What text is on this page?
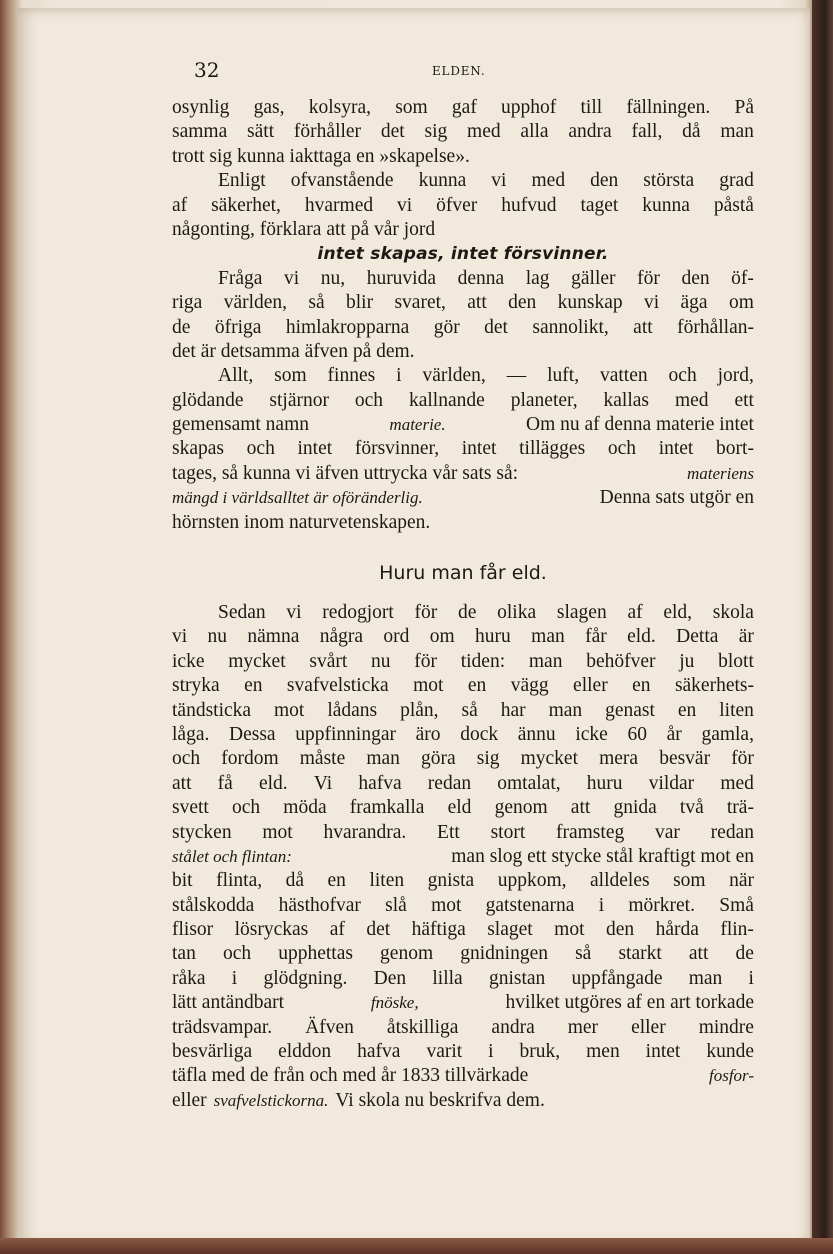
32	ELDEN.
osynlig gas, kolsyra, som gaf upphof till fällningen. På
samma sätt förhåller det sig med alla andra fall, då man
trott sig kunna iakttaga en »skapelse».
Enligt ofvanstående kunna vi med den största grad
af säkerhet, hvarmed vi öfver hufvud taget kunna påstå
någonting, förklara att på vår jord
intet skapas, intet försvinner.
Fråga vi nu, huruvida denna lag gäller för den öf-
riga världen, så blir svaret, att den kunskap vi äga om
de öfriga himlakropparna gör det sannolikt, att förhållan-
det är detsamma äfven på dem.
Allt, som finnes i världen, — luft, vatten och jord,
glödande stjärnor och kallnande planeter, kallas med ett
gemensamt namn	materie.	Om nu af denna materie intet
skapas och intet försvinner, intet tillägges och intet bort-
tages, så kunna vi äfven uttrycka vår sats så:	materiens
mängd i världsalltet är oföränderlig.	Denna sats utgör en
hörnsten inom naturvetenskapen.
Huru man får eld.
Sedan vi redogjort för de olika slagen af eld, skola
vi nu nämna några ord om huru man får eld. Detta är
icke mycket svårt nu för tiden: man behöfver ju blott
stryka en svafvelsticka mot en vägg eller en säkerhets-
tändsticka mot lådans plån, så har man genast en liten
låga. Dessa uppfinningar äro dock ännu icke 60 år gamla,
och fordom måste man göra sig mycket mera besvär för
att få eld. Vi hafva redan omtalat, huru vildar med
svett och möda framkalla eld genom att gnida två trä-
stycken mot hvarandra. Ett stort framsteg var redan
stålet och flintan:	man slog ett stycke stål kraftigt mot en
bit flinta, då en liten gnista uppkom, alldeles som när
stålskodda hästhofvar slå mot gatstenarna i mörkret. Små
flisor lösryckas af det häftiga slaget mot den hårda flin-
tan och upphettas genom gnidningen så starkt att de
råka i glödgning. Den lilla gnistan uppfångade man i
lätt antändbart	fnöske,	hvilket utgöres af en art torkade
trädsvampar. Äfven åtskilliga andra mer eller mindre
besvärliga elddon hafva varit i bruk, men intet kunde
täfla med de från och med år 1833 tillvärkade	fosfor-
eller svafvelstickorna. Vi skola nu beskrifva dem.
